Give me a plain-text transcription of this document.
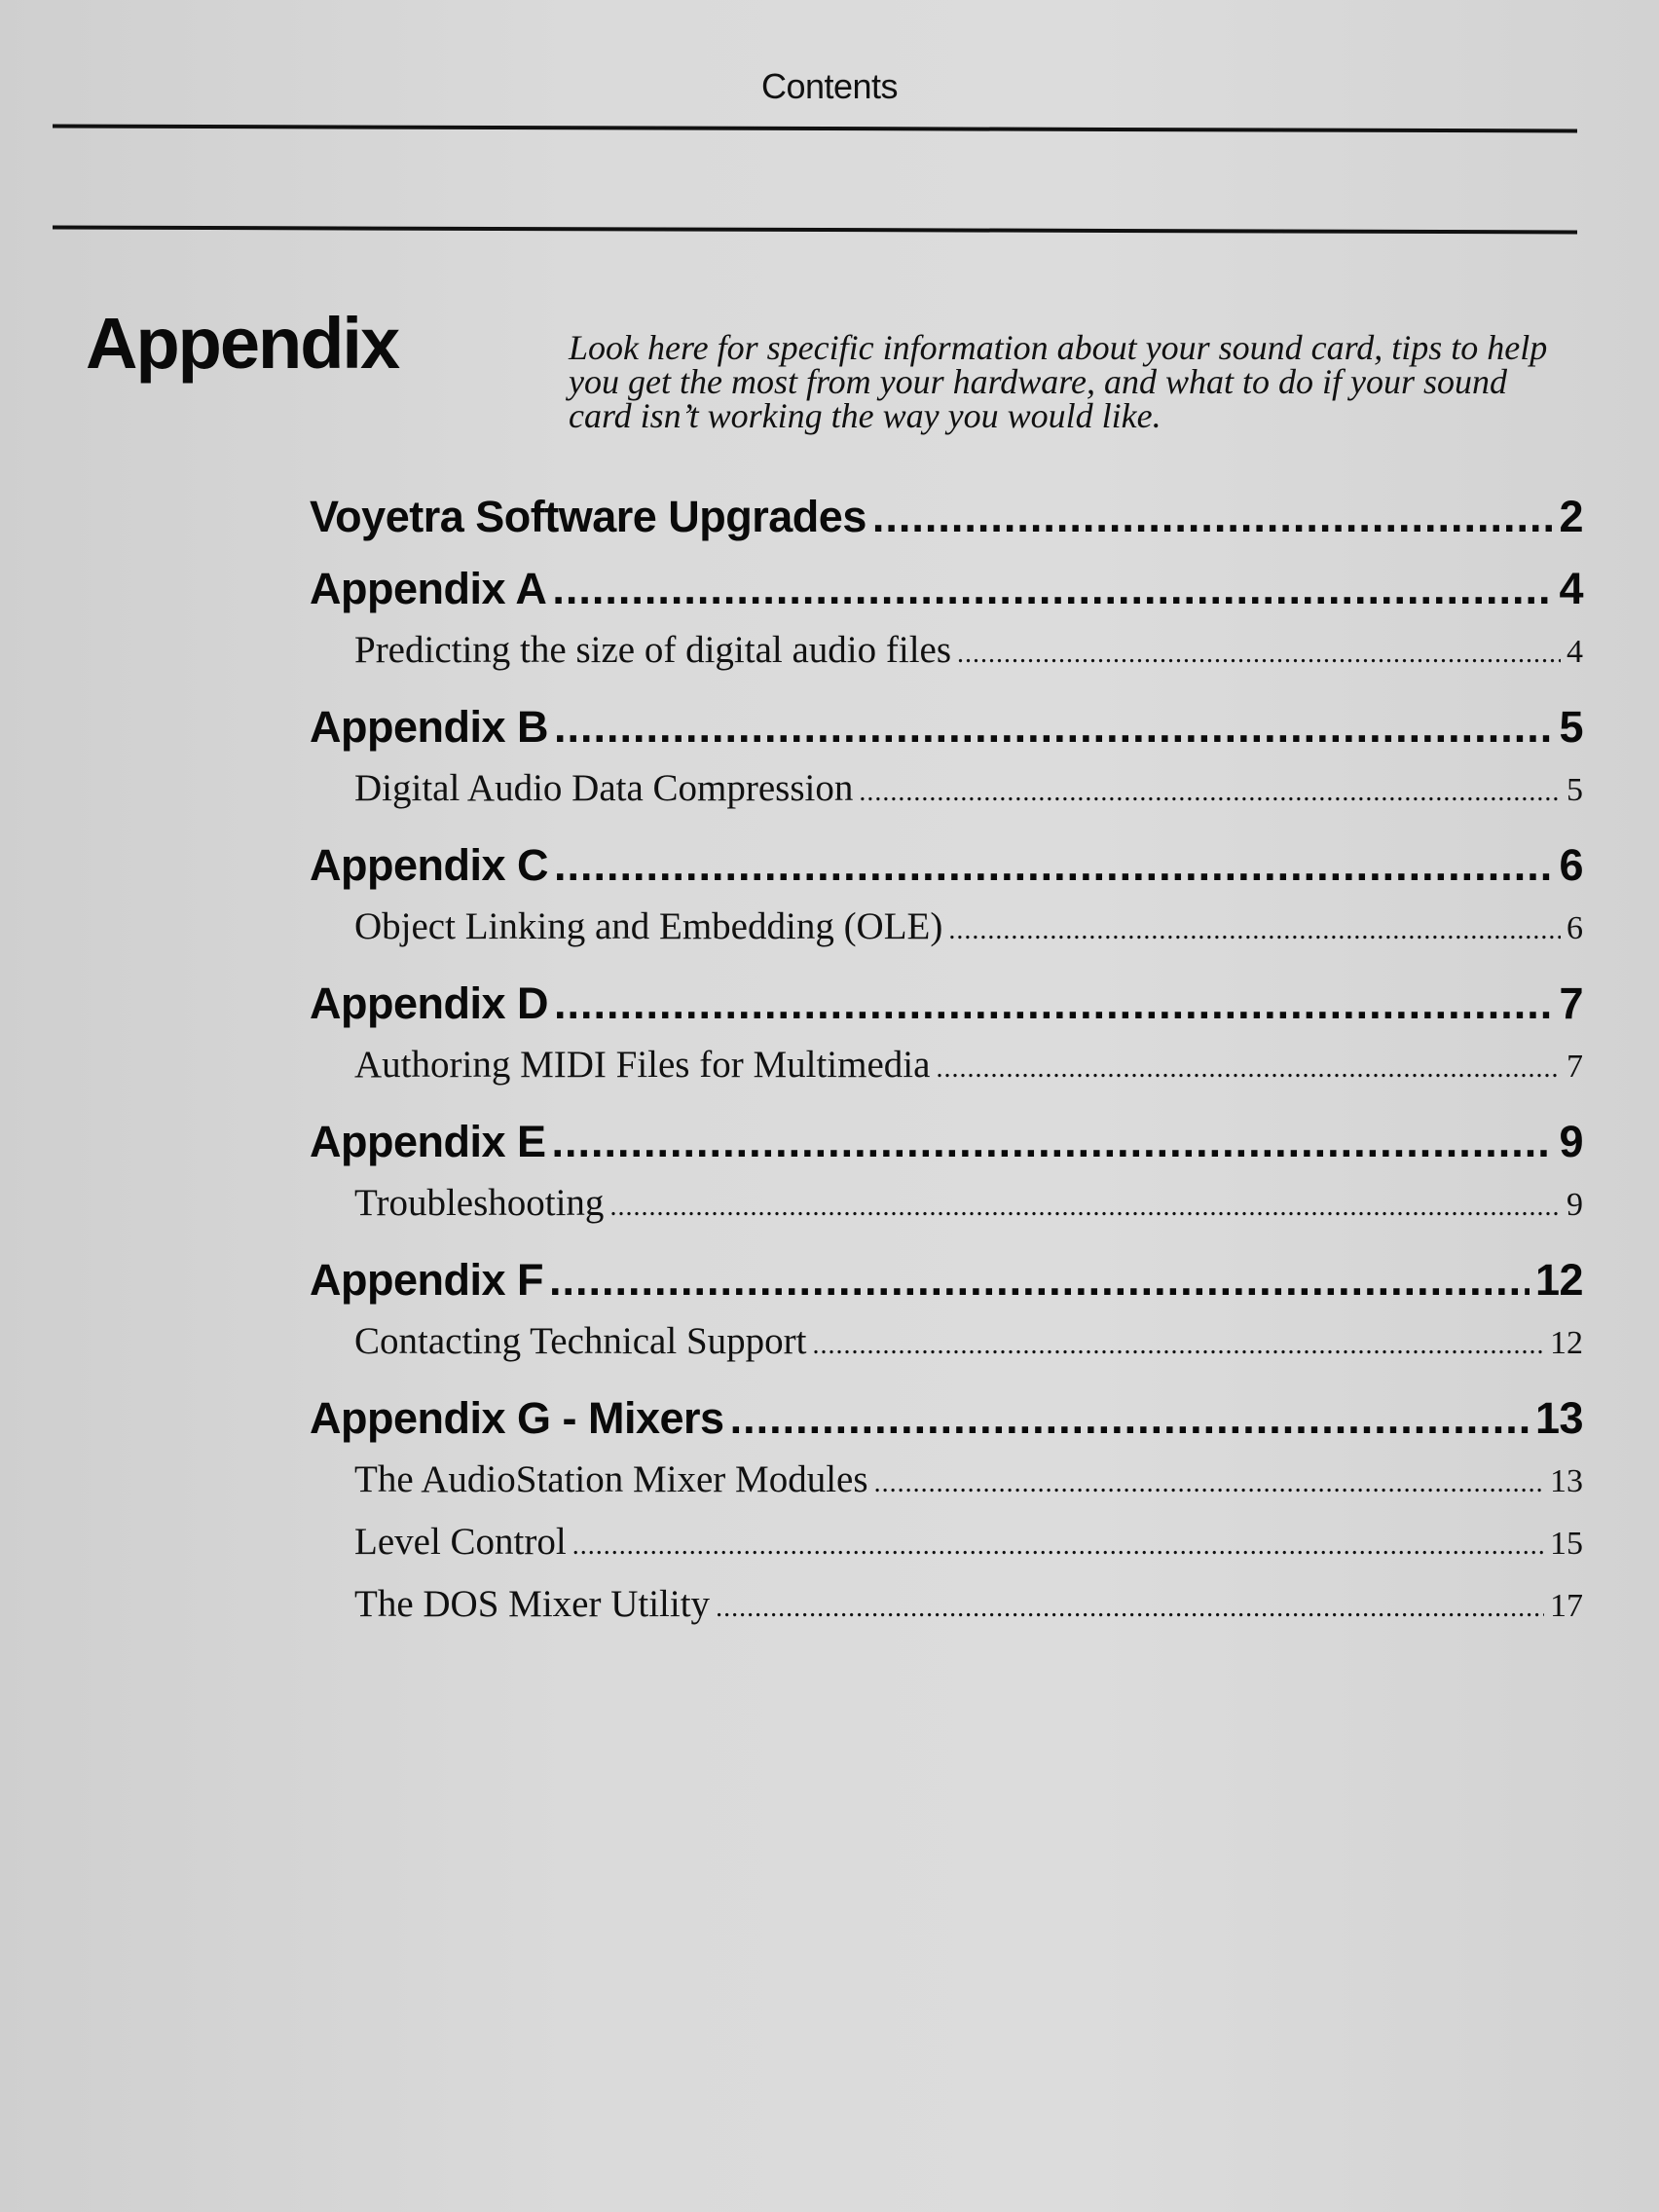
Contents
Appendix	Look here for specific information about your sound card, tips to help you get the most from your hardware, and what to do if your sound card isn’t working the way you would like.
Voyetra Software Upgrades .....	2
Appendix A .....	4
Predicting the size of digital audio files .....	4
Appendix B .....	5
Digital Audio Data Compression .....	5
Appendix C .....	6
Object Linking and Embedding (OLE) .....	6
Appendix D .....	7
Authoring MIDI Files for Multimedia .....	7
Appendix E .....	9
Troubleshooting .....	9
Appendix F .....	12
Contacting Technical Support .....	12
Appendix G - Mixers .....	13
The AudioStation Mixer Modules .....	13
Level Control .....	15
The DOS Mixer Utility .....	17
